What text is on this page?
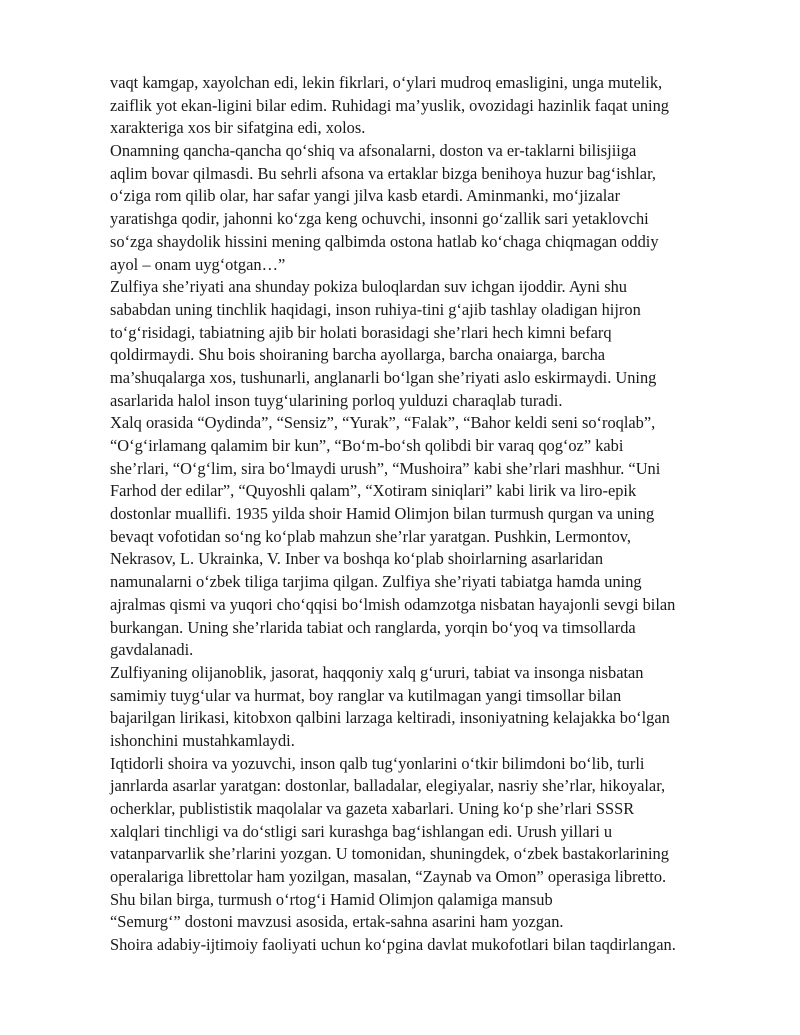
vaqt kamgap, xayolchan edi, lekin fikrlari, o‘ylari mudroq emasligini, unga mutelik,
zaiflik yot ekan-ligini bilar edim. Ruhidagi ma’yuslik, ovozidagi hazinlik faqat uning
xarakteriga xos bir sifatgina edi, xolos.
Onamning qancha-qancha qo‘shiq va afsonalarni, doston va er-taklarni bilisjiiga
aqlim bovar qilmasdi. Bu sehrli afsona va ertaklar bizga benihoya huzur bag‘ishlar,
o‘ziga rom qilib olar, har safar yangi jilva kasb etardi. Aminmanki, mo‘jizalar
yaratishga qodir, jahonni ko‘zga keng ochuvchi, insonni go‘zallik sari yetaklovchi
so‘zga shaydolik hissini mening qalbimda ostona hatlab ko‘chaga chiqmagan oddiy
ayol – onam uyg‘otgan…”
Zulfiya she’riyati ana shunday pokiza buloqlardan suv ichgan ijoddir. Ayni shu
sababdan uning tinchlik haqidagi, inson ruhiya-tini g‘ajib tashlay oladigan hijron
to‘g‘risidagi, tabiatning ajib bir holati borasidagi she’rlari hech kimni befarq
qoldirmaydi. Shu bois shoiraning barcha ayollarga, barcha onaiarga, barcha
ma’shuqalarga xos, tushunarli, anglanarli bo‘lgan she’riyati aslo eskirmaydi. Uning
asarlarida halol inson tuyg‘ularining porloq yulduzi charaqlab turadi.
Xalq orasida “Oydinda”, “Sensiz”, “Yurak”, “Falak”, “Bahor keldi seni so‘roqlab”,
“O‘g‘irlamang qalamim bir kun”, “Bo‘m-bo‘sh qolibdi bir varaq qog‘oz” kabi
she’rlari, “O‘g‘lim, sira bo‘lmaydi urush”, “Mushoira” kabi she’rlari mashhur. “Uni
Farhod der edilar”, “Quyoshli qalam”, “Xotiram siniqlari” kabi lirik va liro-epik
dostonlar muallifi. 1935 yilda shoir Hamid Olimjon bilan turmush qurgan va uning
bevaqt vofotidan so‘ng ko‘plab mahzun she’rlar yaratgan. Pushkin, Lermontov,
Nekrasov, L. Ukrainka, V. Inber va boshqa ko‘plab shoirlarning asarlaridan
namunalarni o‘zbek tiliga tarjima qilgan. Zulfiya she’riyati tabiatga hamda uning
ajralmas qismi va yuqori cho‘qqisi bo‘lmish odamzotga nisbatan hayajonli sevgi bilan
burkangan. Uning she’rlarida tabiat och ranglarda, yorqin bo‘yoq va timsollarda
gavdalanadi.
Zulfiyaning olijanoblik, jasorat, haqqoniy xalq g‘ururi, tabiat va insonga nisbatan
samimiy tuyg‘ular va hurmat, boy ranglar va kutilmagan yangi timsollar bilan
bajarilgan lirikasi, kitobxon qalbini larzaga keltiradi, insoniyatning kelajakka bo‘lgan
ishonchini mustahkamlaydi.
Iqtidorli shoira va yozuvchi, inson qalb tug‘yonlarini o‘tkir bilimdoni bo‘lib, turli
janrlarda asarlar yaratgan: dostonlar, balladalar, elegiyalar, nasriy she’rlar, hikoyalar,
ocherklar, publististik maqolalar va gazeta xabarlari. Uning ko‘p she’rlari SSSR
xalqlari tinchligi va do‘stligi sari kurashga bag‘ishlangan edi. Urush yillari u
vatanparvarlik she’rlarini yozgan. U tomonidan, shuningdek, o‘zbek bastakorlarining
operalariga librettolar ham yozilgan, masalan, “Zaynab va Omon” operasiga libretto.
Shu bilan birga, turmush o‘rtog‘i Hamid Olimjon qalamiga mansub
“Semurg‘” dostoni mavzusi asosida, ertak-sahna asarini ham yozgan.
Shoira adabiy-ijtimoiy faoliyati uchun ko‘pgina davlat mukofotlari bilan taqdirlangan.
